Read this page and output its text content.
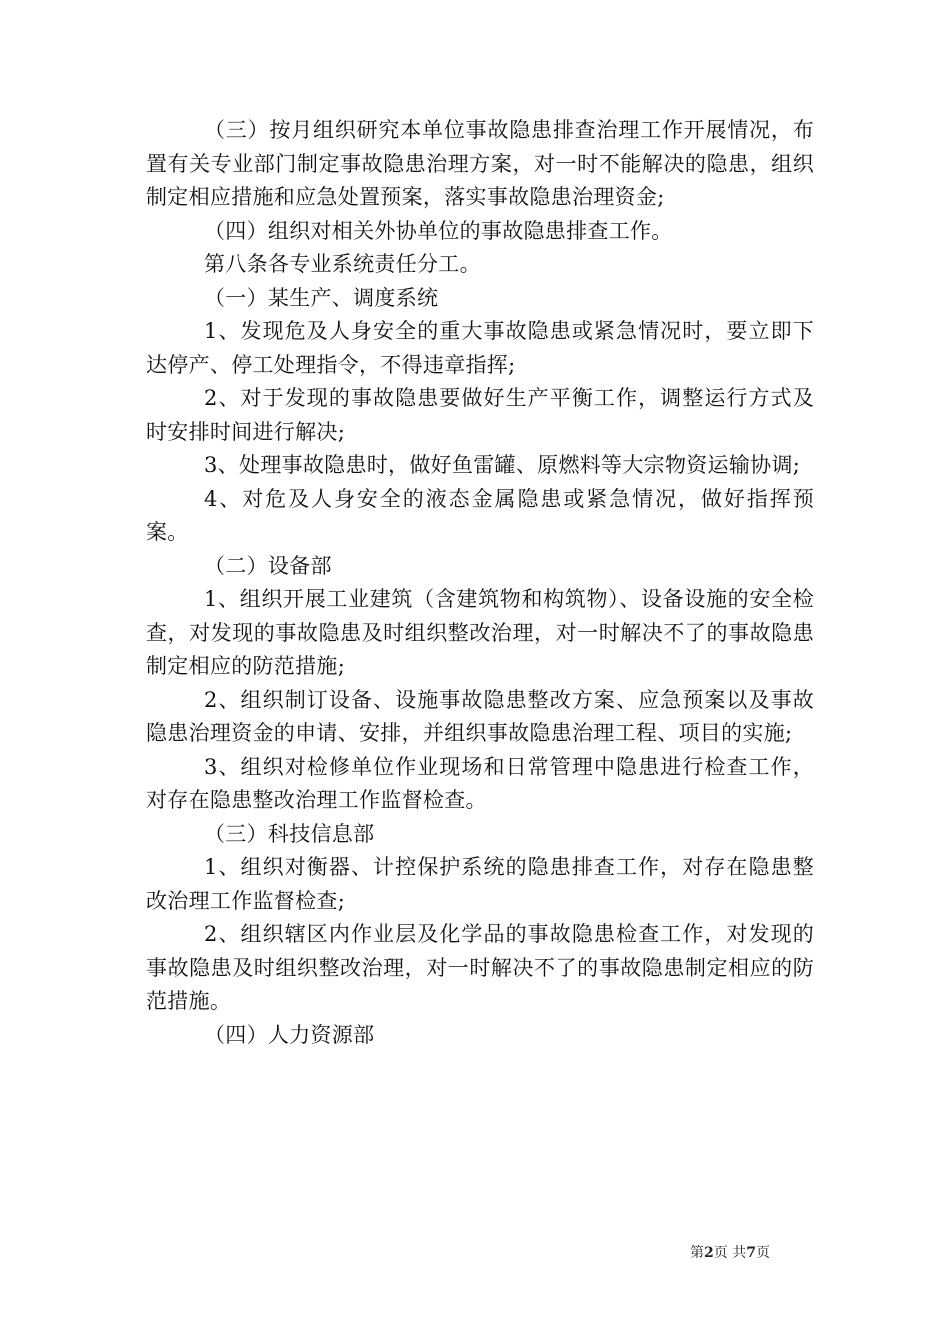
（三）按月组织研究本单位事故隐患排查治理工作开展情况，布置有关专业部门制定事故隐患治理方案，对一时不能解决的隐患，组织制定相应措施和应急处置预案，落实事故隐患治理资金;

（四）组织对相关外协单位的事故隐患排查工作。

第八条各专业系统责任分工。

（一）某生产、调度系统

1、发现危及人身安全的重大事故隐患或紧急情况时，要立即下达停产、停工处理指令，不得违章指挥;

2、对于发现的事故隐患要做好生产平衡工作，调整运行方式及时安排时间进行解决;

3、处理事故隐患时，做好鱼雷罐、原燃料等大宗物资运输协调;

4、对危及人身安全的液态金属隐患或紧急情况，做好指挥预案。

（二）设备部

1、组织开展工业建筑（含建筑物和构筑物）、设备设施的安全检查，对发现的事故隐患及时组织整改治理，对一时解决不了的事故隐患制定相应的防范措施;

2、组织制订设备、设施事故隐患整改方案、应急预案以及事故隐患治理资金的申请、安排，并组织事故隐患治理工程、项目的实施;

3、组织对检修单位作业现场和日常管理中隐患进行检查工作，对存在隐患整改治理工作监督检查。

（三）科技信息部

1、组织对衡器、计控保护系统的隐患排查工作，对存在隐患整改治理工作监督检查;

2、组织辖区内作业层及化学品的事故隐患检查工作，对发现的事故隐患及时组织整改治理，对一时解决不了的事故隐患制定相应的防范措施。

（四）人力资源部

第2页 共7页
